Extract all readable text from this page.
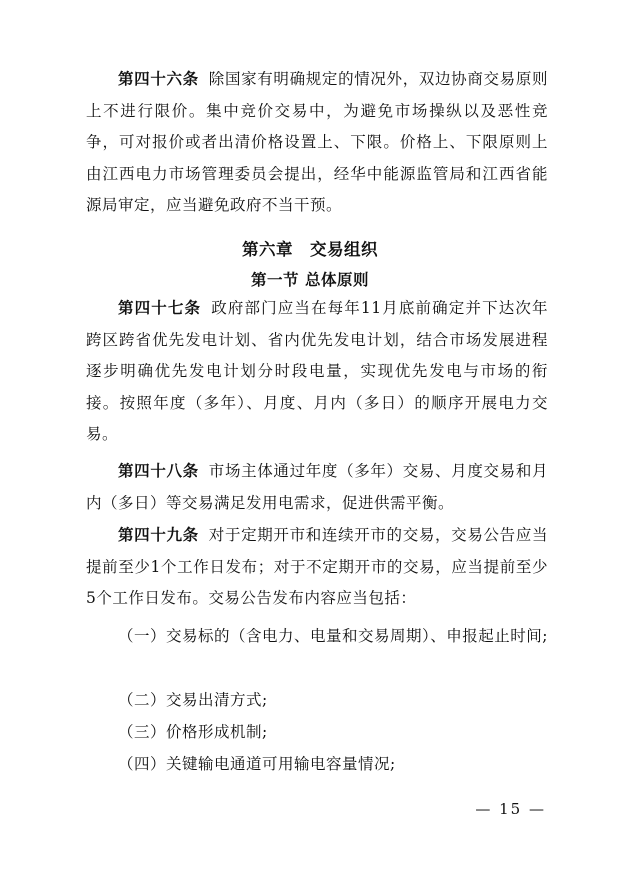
第四十六条 除国家有明确规定的情况外，双边协商交易原则上不进行限价。集中竞价交易中，为避免市场操纵以及恶性竞争，可对报价或者出清价格设置上、下限。价格上、下限原则上由江西电力市场管理委员会提出，经华中能源监管局和江西省能源局审定，应当避免政府不当干预。

第六章　交易组织
第一节 总体原则

第四十七条 政府部门应当在每年11月底前确定并下达次年跨区跨省优先发电计划、省内优先发电计划，结合市场发展进程逐步明确优先发电计划分时段电量，实现优先发电与市场的衔接。按照年度（多年）、月度、月内（多日）的顺序开展电力交易。

第四十八条 市场主体通过年度（多年）交易、月度交易和月内（多日）等交易满足发用电需求，促进供需平衡。

第四十九条 对于定期开市和连续开市的交易，交易公告应当提前至少1个工作日发布；对于不定期开市的交易，应当提前至少5个工作日发布。交易公告发布内容应当包括：

（一）交易标的（含电力、电量和交易周期）、申报起止时间;

（二）交易出清方式;

（三）价格形成机制;

（四）关键输电通道可用输电容量情况;

— 15 —
